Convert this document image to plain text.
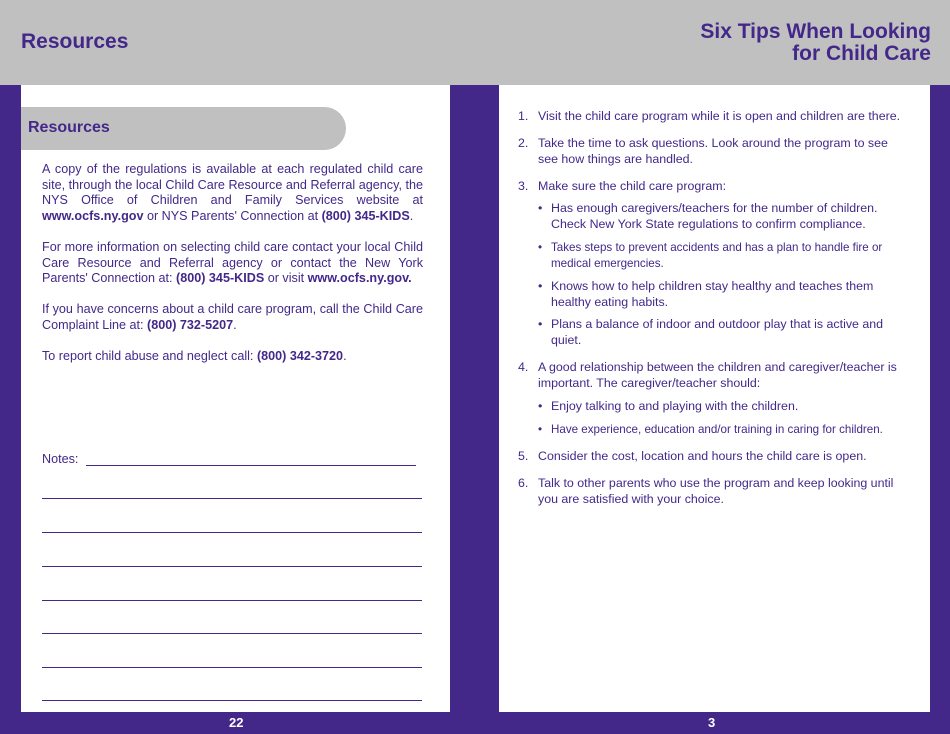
Resources	Six Tips When Looking
for Child Care
Resources

A copy of the regulations is available at each regulated child care site, through the local Child Care Resource and Referral agency, the NYS Office of Children and Family Services website at www.ocfs.ny.gov or NYS Parents' Connection at (800) 345-KIDS.

For more information on selecting child care contact your local Child Care Resource and Referral agency or contact the New York Parents' Connection at: (800) 345-KIDS or visit www.ocfs.ny.gov.

If you have concerns about a child care program, call the Child Care Complaint Line at: (800) 732-5207.

To report child abuse and neglect call: (800) 342-3720.

Notes:
1. Visit the child care program while it is open and children are there.
2. Take the time to ask questions. Look around the program to see see how things are handled.
3. Make sure the child care program:
• Has enough caregivers/teachers for the number of children. Check New York State regulations to confirm compliance.
• Takes steps to prevent accidents and has a plan to handle fire or medical emergencies.
• Knows how to help children stay healthy and teaches them healthy eating habits.
• Plans a balance of indoor and outdoor play that is active and quiet.
4. A good relationship between the children and caregiver/teacher is important. The caregiver/teacher should:
• Enjoy talking to and playing with the children.
• Have experience, education and/or training in caring for children.
5. Consider the cost, location and hours the child care is open.
6. Talk to other parents who use the program and keep looking until you are satisfied with your choice.
22	3
